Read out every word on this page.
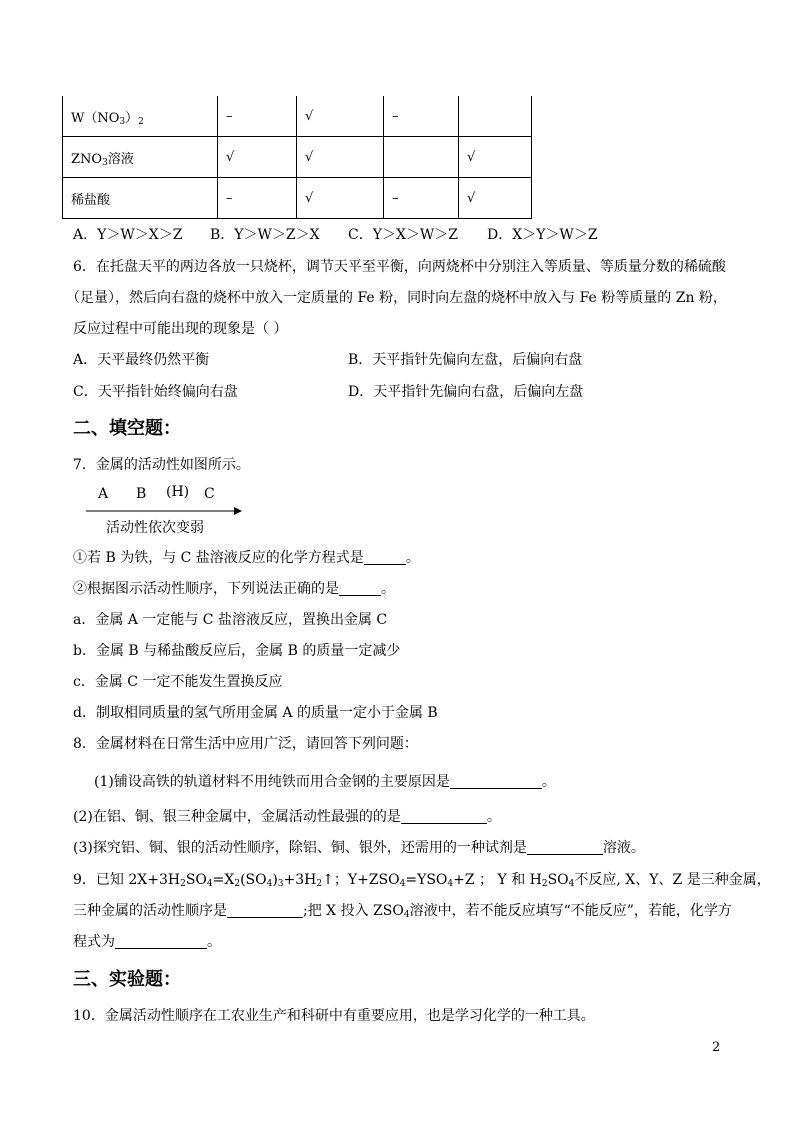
$W(NO_3)_2$	–	√	–	
$ZNO_3$溶液	√	√		√
稀盐酸	–	√	–	√
A．Y＞W＞X＞Z B．Y＞W＞Z＞X C．Y＞X＞W＞Z D．X＞Y＞W＞Z
6．在托盘天平的两边各放一只烧杯，调节天平至平衡，向两烧杯中分别注入等质量、等质量分数的稀硫酸
（足量），然后向右盘的烧杯中放入一定质量的 Fe 粉，同时向左盘的烧杯中放入与 Fe 粉等质量的 Zn 粉，
反应过程中可能出现的现象是（ ）
A．天平最终仍然平衡	B．天平指针先偏向左盘，后偏向右盘
C．天平指针始终偏向右盘	D．天平指针先偏向右盘，后偏向左盘
二、填空题：
7．金属的活动性如图所示。
A B (H) C
活动性依次变弱
①若 B 为铁，与 C 盐溶液反应的化学方程式是	。
②根据图示活动性顺序，下列说法正确的是	。
a．金属 A 一定能与 C 盐溶液反应，置换出金属 C
b．金属 B 与稀盐酸反应后，金属 B 的质量一定减少
c．金属 C 一定不能发生置换反应
d．制取相同质量的氢气所用金属 A 的质量一定小于金属 B
8．金属材料在日常生活中应用广泛，请回答下列问题：
(1)铺设高铁的轨道材料不用纯铁而用合金钢的主要原因是	。
(2)在铝、铜、银三种金属中，金属活动性最强的的是	。
(3)探究铝、铜、银的活动性顺序，除铝、铜、银外，还需用的一种试剂是	溶液。
9．已知 $2X+3H_2SO_4=X_2(SO_4)_3+3H_2↑$；$Y+ZSO_4=YSO_4+Z$ ； Y 和 $H_2SO_4$不反应, X、Y、Z 是三种金属，
三种金属的活动性顺序是	;把 X 投入 $ZSO_4$溶液中，若不能反应填写“不能反应”，若能，化学方
程式为	。
三、实验题：
10．金属活动性顺序在工农业生产和科研中有重要应用，也是学习化学的一种工具。
2
